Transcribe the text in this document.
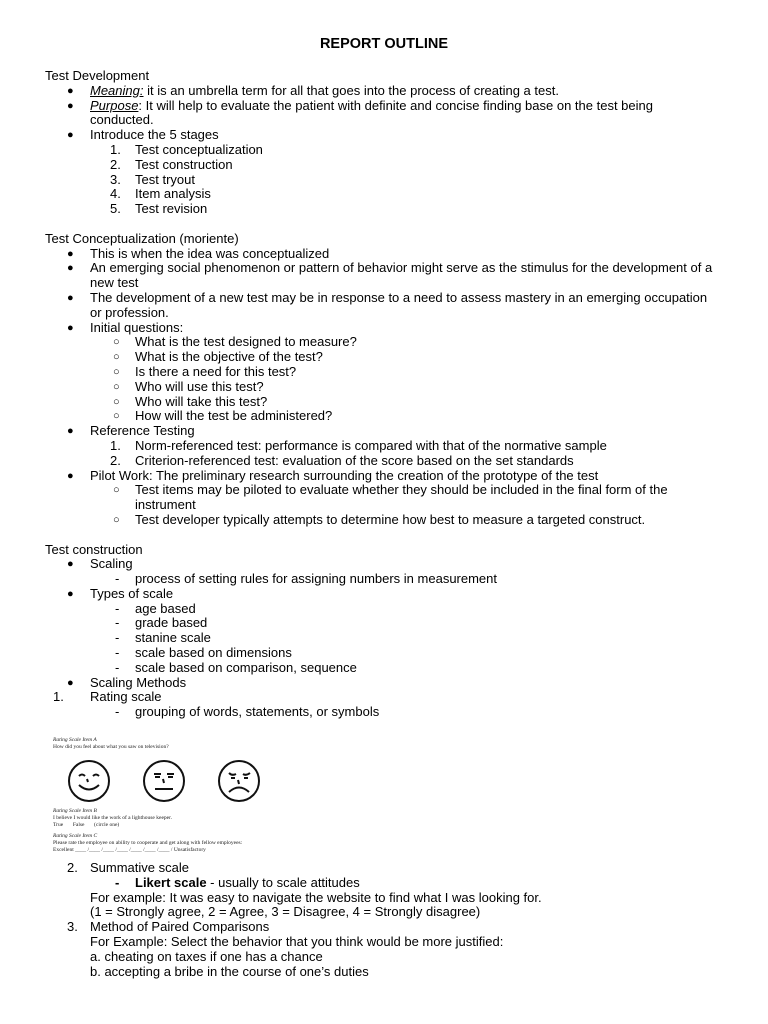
REPORT OUTLINE
Test Development
● Meaning: it is an umbrella term for all that goes into the process of creating a test.
● Purpose: It will help to evaluate the patient with definite and concise finding base on the test being conducted.
● Introduce the 5 stages
1. Test conceptualization
2. Test construction
3. Test tryout
4. Item analysis
5. Test revision
Test Conceptualization (moriente)
● This is when the idea was conceptualized
● An emerging social phenomenon or pattern of behavior might serve as the stimulus for the development of a new test
● The development of a new test may be in response to a need to assess mastery in an emerging occupation or profession.
● Initial questions:
○ What is the test designed to measure?
○ What is the objective of the test?
○ Is there a need for this test?
○ Who will use this test?
○ Who will take this test?
○ How will the test be administered?
● Reference Testing
1. Norm-referenced test: performance is compared with that of the normative sample
2. Criterion-referenced test: evaluation of the score based on the set standards
● Pilot Work: The preliminary research surrounding the creation of the prototype of the test
○ Test items may be piloted to evaluate whether they should be included in the final form of the instrument
○ Test developer typically attempts to determine how best to measure a targeted construct.
Test construction
● Scaling
- process of setting rules for assigning numbers in measurement
● Types of scale
- age based
- grade based
- stanine scale
- scale based on dimensions
- scale based on comparison, sequence
● Scaling Methods
1. Rating scale
- grouping of words, statements, or symbols
Rating Scale Item A
How did you feel about what you saw on television?
Rating Scale Item B
I believe I would like the work of a lighthouse keeper.
True       False       (circle one)
Rating Scale Item C
Please rate the employee on ability to cooperate and get along with fellow employees:
Excellent ____ /____ /____ /____ /____ /____ /____ / Unsatisfactory
2. Summative scale
- Likert scale - usually to scale attitudes
For example: It was easy to navigate the website to find what I was looking for.
(1 = Strongly agree, 2 = Agree, 3 = Disagree, 4 = Strongly disagree)
3. Method of Paired Comparisons
For Example: Select the behavior that you think would be more justified:
a. cheating on taxes if one has a chance
b. accepting a bribe in the course of one’s duties
